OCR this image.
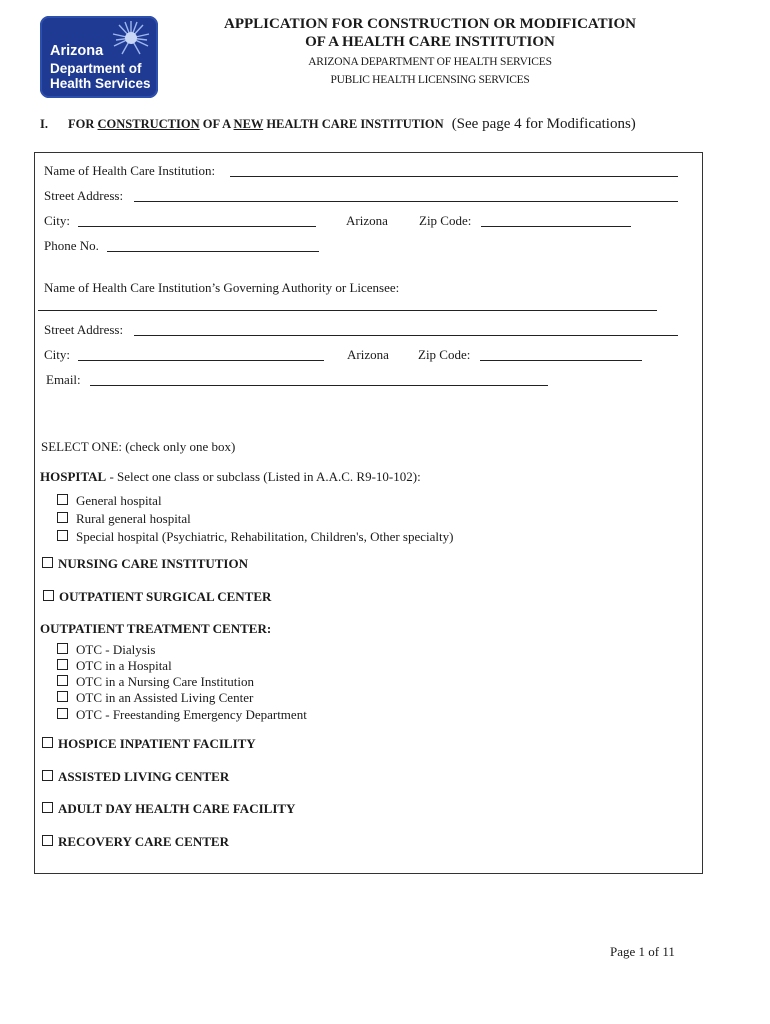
Arizona
Department of
Health Services
APPLICATION FOR CONSTRUCTION OR MODIFICATION
OF A HEALTH CARE INSTITUTION
ARIZONA DEPARTMENT OF HEALTH SERVICES
PUBLIC HEALTH LICENSING SERVICES
I. FOR CONSTRUCTION OF A NEW HEALTH CARE INSTITUTION (See page 4 for Modifications)
Name of Health Care Institution:
Street Address:
City:	Arizona Zip Code:
Phone No.
Name of Health Care Institution’s Governing Authority or Licensee:
Street Address:
City:	Arizona Zip Code:
Email:
SELECT ONE: (check only one box)
HOSPITAL - Select one class or subclass (Listed in A.A.C. R9-10-102):
General hospital
Rural general hospital
Special hospital (Psychiatric, Rehabilitation, Children's, Other specialty)
NURSING CARE INSTITUTION
OUTPATIENT SURGICAL CENTER
OUTPATIENT TREATMENT CENTER:
OTC - Dialysis
OTC in a Hospital
OTC in a Nursing Care Institution
OTC in an Assisted Living Center
OTC - Freestanding Emergency Department
HOSPICE INPATIENT FACILITY
ASSISTED LIVING CENTER
ADULT DAY HEALTH CARE FACILITY
RECOVERY CARE CENTER
Page 1 of 11
